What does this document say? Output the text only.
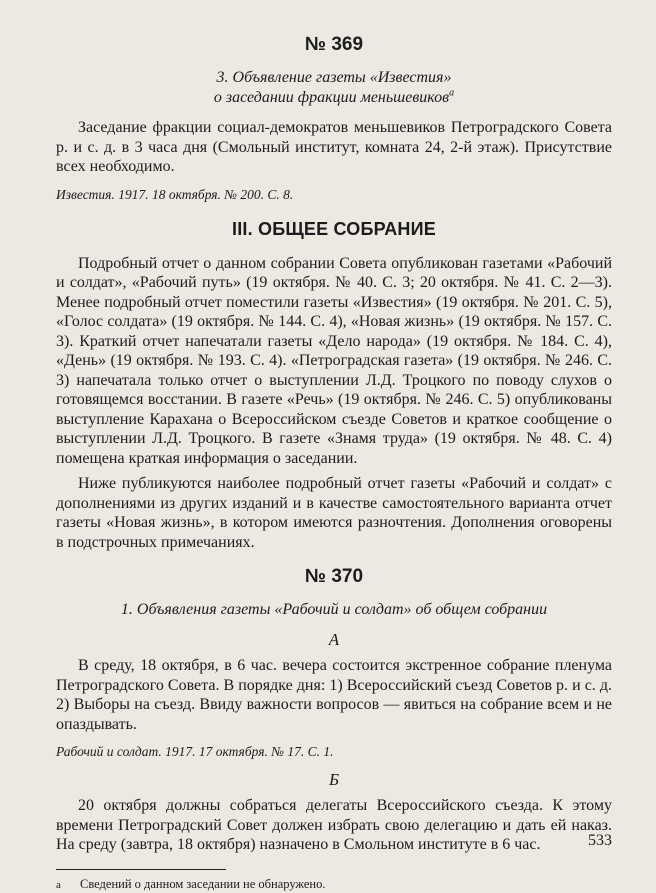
№ 369
3. Объявление газеты «Известия»
о заседании фракции меньшевиков$^а$

Заседание фракции социал-демократов меньшевиков Петроградского Совета р. и с. д. в 3 часа дня (Смольный институт, комната 24, 2-й этаж). Присутствие всех необходимо.

Известия. 1917. 18 октября. № 200. С. 8.
III. ОБЩЕЕ СОБРАНИЕ

Подробный отчет о данном собрании Совета опубликован газетами «Рабочий и солдат», «Рабочий путь» (19 октября. № 40. С. 3; 20 октября. № 41. С. 2—3). Менее подробный отчет поместили газеты «Известия» (19 октября. № 201. С. 5), «Голос солдата» (19 октября. № 144. С. 4), «Новая жизнь» (19 октября. № 157. С. 3). Краткий отчет напечатали газеты «Дело народа» (19 октября. № 184. С. 4), «День» (19 октября. № 193. С. 4). «Петроградская газета» (19 октября. № 246. С. 3) напечатала только отчет о выступлении Л.Д. Троцкого по поводу слухов о готовящемся восстании. В газете «Речь» (19 октября. № 246. С. 5) опубликованы выступление Карахана о Всероссийском съезде Советов и краткое сообщение о выступлении Л.Д. Троцкого. В газете «Знамя труда» (19 октября. № 48. С. 4) помещена краткая информация о заседании.

Ниже публикуются наиболее подробный отчет газеты «Рабочий и солдат» с дополнениями из других изданий и в качестве самостоятельного варианта отчет газеты «Новая жизнь», в котором имеются разночтения. Дополнения оговорены в подстрочных примечаниях.

№ 370
1. Объявления газеты «Рабочий и солдат» об общем собрании
А

В среду, 18 октября, в 6 час. вечера состоится экстренное собрание пленума Петроградского Совета. В порядке дня: 1) Всероссийский съезд Советов р. и с. д. 2) Выборы на съезд. Ввиду важности вопросов — явиться на собрание всем и не опаздывать.

Рабочий и солдат. 1917. 17 октября. № 17. С. 1.
Б

20 октября должны собраться делегаты Всероссийского съезда. К этому времени Петроградский Совет должен избрать свою делегацию и дать ей наказ. На среду (завтра, 18 октября) назначено в Смольном институте в 6 час.

а Сведений о данном заседании не обнаружено.
533
